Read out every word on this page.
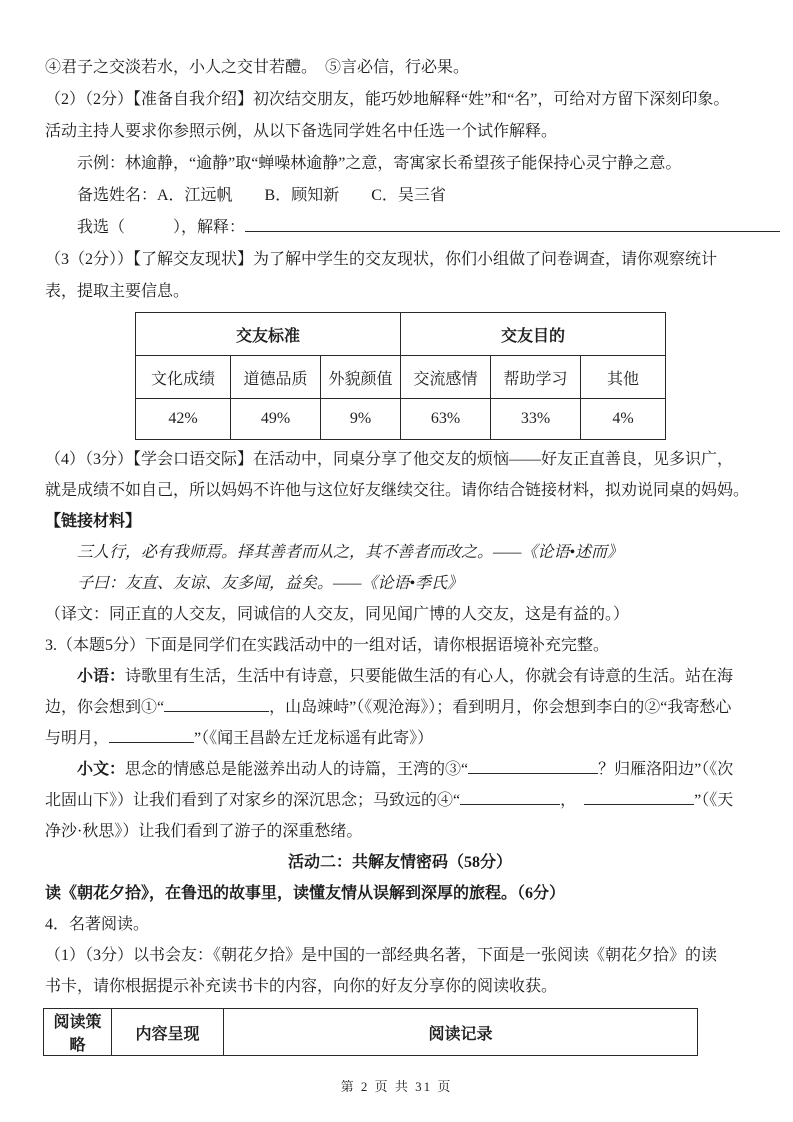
④君子之交淡若水，小人之交甘若醴。　⑤言必信，行必果。

（2）（2分）【准备自我介绍】初次结交朋友，能巧妙地解释“姓”和“名”，可给对方留下深刻印象。

活动主持人要求你参照示例，从以下备选同学姓名中任选一个试作解释。

示例：林逾静，“逾静”取“蝉噪林逾静”之意，寄寓家长希望孩子能保持心灵宁静之意。

备选姓名：A．江远帆　　B．顾知新　　C．吴三省

我选（　　　），解释：

（3（2分））【了解交友现状】为了解中学生的交友现状，你们小组做了问卷调查，请你观察统计

表，提取主要信息。

交友标准			交友目的		
文化成绩	道德品质	外貌颜值	交流感情	帮助学习	其他
42%	49%	9%	63%	33%	4%

（4）（3分）【学会口语交际】在活动中，同桌分享了他交友的烦恼——好友正直善良，见多识广，

就是成绩不如自己，所以妈妈不许他与这位好友继续交往。请你结合链接材料，拟劝说同桌的妈妈。

【链接材料】

三人行，必有我师焉。择其善者而从之，其不善者而改之。——《论语•述而》

子曰：友直、友谅、友多闻，益矣。——《论语•季氏》

（译文：同正直的人交友，同诚信的人交友，同见闻广博的人交友，这是有益的。）

3.（本题5分）下面是同学们在实践活动中的一组对话，请你根据语境补充完整。

小语：诗歌里有生活，生活中有诗意，只要能做生活的有心人，你就会有诗意的生活。站在海

边，你会想到①“	，山岛竦峙”（《观沧海》）；看到明月，你会想到李白的②“我寄愁心

与明月，	”（《闻王昌龄左迁龙标遥有此寄》）

小文：思念的情感总是能滋养出动人的诗篇，王湾的③“	？归雁洛阳边”（《次

北固山下》）让我们看到了对家乡的深沉思念；马致远的④“	，　	”（《天

净沙·秋思》）让我们看到了游子的深重愁绪。

活动二：共解友情密码（58分）

读《朝花夕拾》，在鲁迅的故事里，读懂友情从误解到深厚的旅程。（6分）

4．名著阅读。

（1）（3分）以书会友：《朝花夕拾》是中国的一部经典名著，下面是一张阅读《朝花夕拾》的读

书卡，请你根据提示补充读书卡的内容，向你的好友分享你的阅读收获。

阅读策略	内容呈现	阅读记录
第 2 页 共 31 页
